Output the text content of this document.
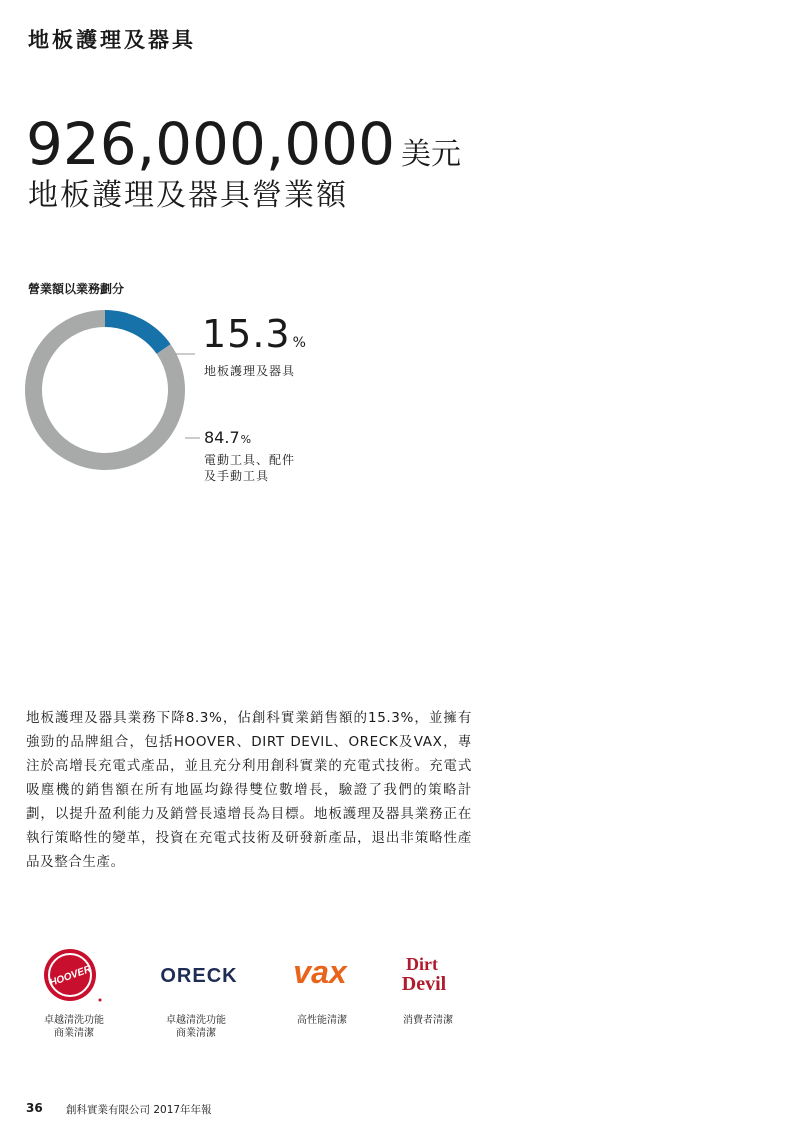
地板護理及器具
926,000,000 美元
地板護理及器具營業額
營業額以業務劃分
15.3 %
地板護理及器具
84.7%
電動工具、配件
及手動工具
地板護理及器具業務下降8.3%，佔創科實業銷售額的15.3%，並擁有強勁的品牌組合，包括HOOVER、DIRT DEVIL、ORECK及VAX，專注於高增長充電式產品，並且充分利用創科實業的充電式技術。充電式吸塵機的銷售額在所有地區均錄得雙位數增長，驗證了我們的策略計劃，以提升盈利能力及銷營長遠增長為目標。地板護理及器具業務正在執行策略性的變革，投資在充電式技術及研發新產品，退出非策略性產品及整合生產。
HOOVER
卓越清洗功能
商業清潔
ORECK
卓越清洗功能
商業清潔
vax
高性能清潔
Dirt
Devil
消費者清潔
36 創科實業有限公司 2017年年報
